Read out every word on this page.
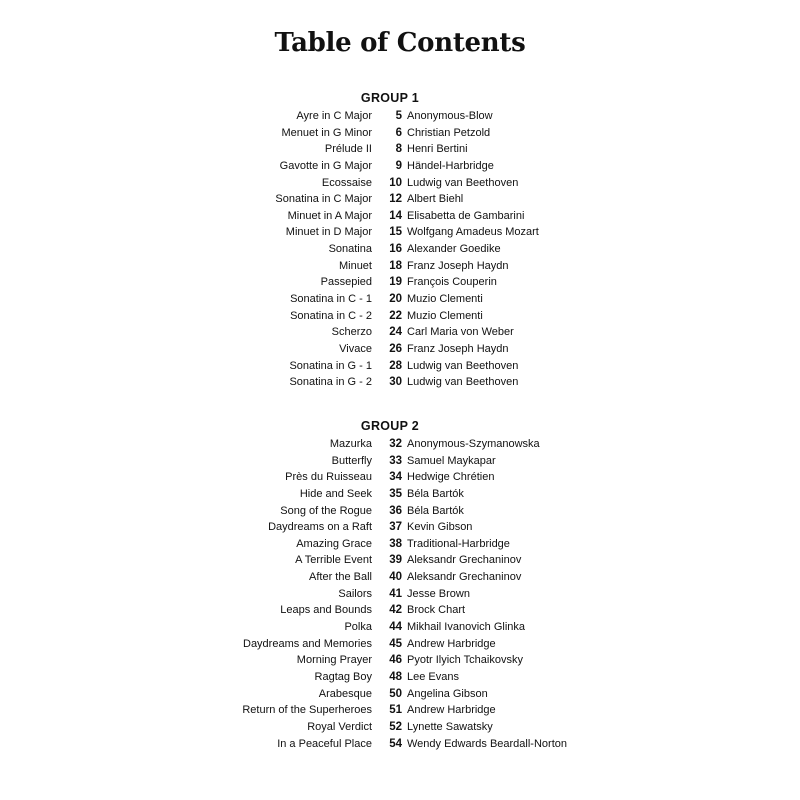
Table of Contents
GROUP 1
Ayre in C Major	5 Anonymous-Blow
Menuet in G Minor	6 Christian Petzold
Prélude II	8 Henri Bertini
Gavotte in G Major	9 Händel-Harbridge
Ecossaise	10 Ludwig van Beethoven
Sonatina in C Major	12 Albert Biehl
Minuet in A Major	14 Elisabetta de Gambarini
Minuet in D Major	15 Wolfgang Amadeus Mozart
Sonatina	16 Alexander Goedike
Minuet	18 Franz Joseph Haydn
Passepied	19 François Couperin
Sonatina in C - 1	20 Muzio Clementi
Sonatina in C - 2	22 Muzio Clementi
Scherzo	24 Carl Maria von Weber
Vivace	26 Franz Joseph Haydn
Sonatina in G - 1	28 Ludwig van Beethoven
Sonatina in G - 2	30 Ludwig van Beethoven
GROUP 2
Mazurka	32 Anonymous-Szymanowska
Butterfly	33 Samuel Maykapar
Près du Ruisseau	34 Hedwige Chrétien
Hide and Seek	35 Béla Bartók
Song of the Rogue	36 Béla Bartók
Daydreams on a Raft	37 Kevin Gibson
Amazing Grace	38 Traditional-Harbridge
A Terrible Event	39 Aleksandr Grechaninov
After the Ball	40 Aleksandr Grechaninov
Sailors	41 Jesse Brown
Leaps and Bounds	42 Brock Chart
Polka	44 Mikhail Ivanovich Glinka
Daydreams and Memories	45 Andrew Harbridge
Morning Prayer	46 Pyotr Ilyich Tchaikovsky
Ragtag Boy	48 Lee Evans
Arabesque	50 Angelina Gibson
Return of the Superheroes	51 Andrew Harbridge
Royal Verdict	52 Lynette Sawatsky
In a Peaceful Place	54 Wendy Edwards Beardall-Norton
